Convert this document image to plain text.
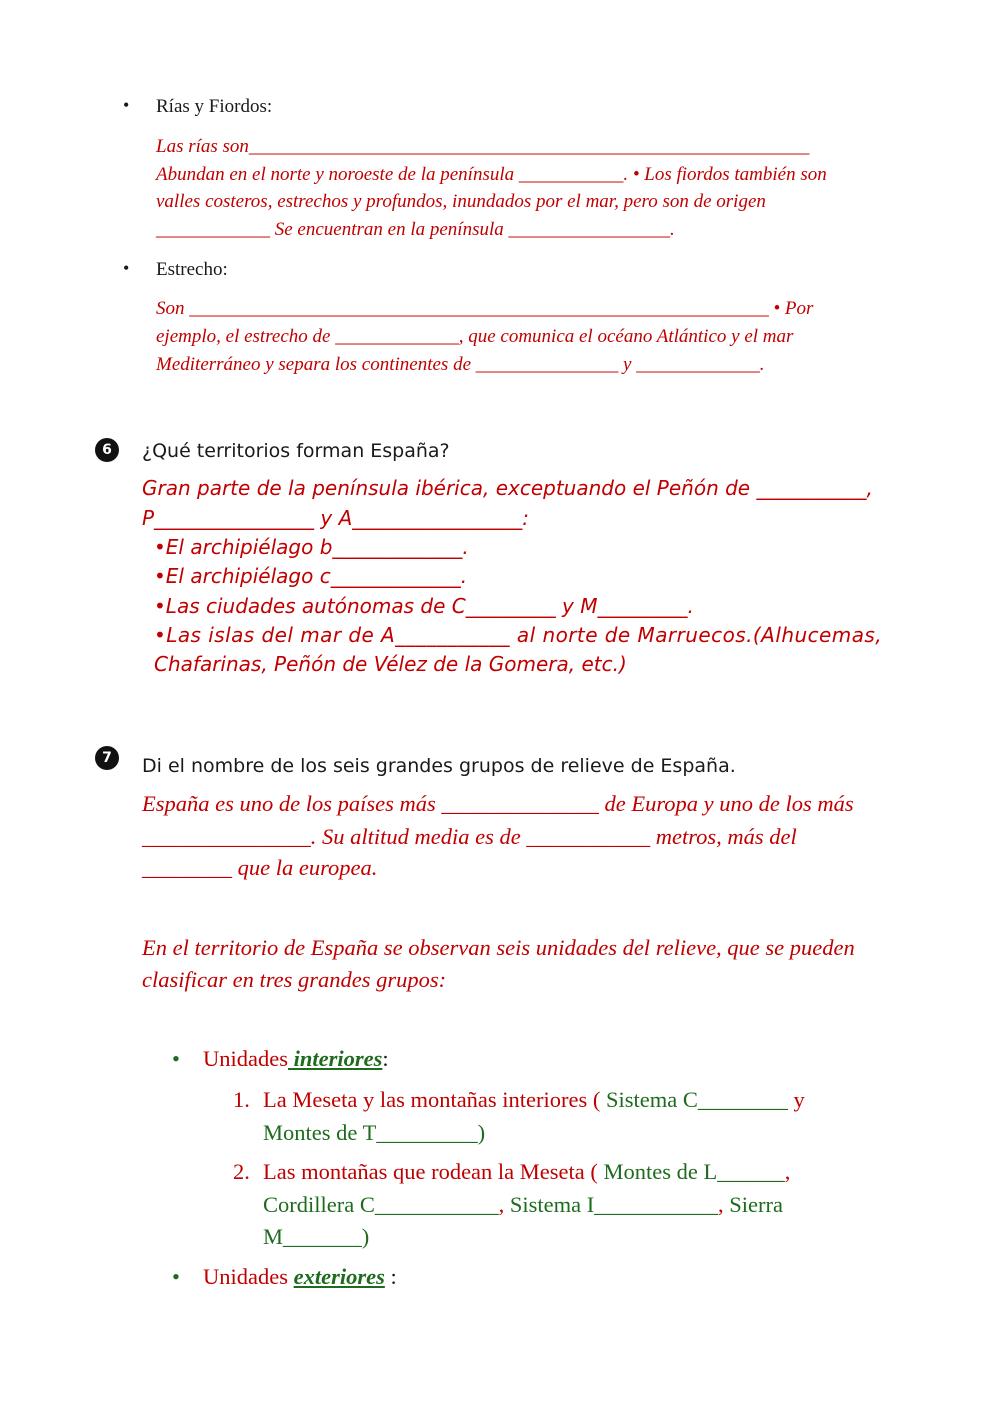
• Rías y Fiordos:
Las rías son___________________________________________________________
Abundan en el norte y noroeste de la península ___________. • Los fiordos también son
valles costeros, estrechos y profundos, inundados por el mar, pero son de origen
____________ Se encuentran en la península _________________.
• Estrecho:
Son _____________________________________________________________ • Por
ejemplo, el estrecho de _____________, que comunica el océano Atlántico y el mar
Mediterráneo y separa los continentes de _______________ y _____________.
6	¿Qué territorios forman España?
Gran parte de la península ibérica, exceptuando el Peñón de ___________,
P________________ y A_________________:
•El archipiélago b_____________.
•El archipiélago c_____________.
•Las ciudades autónomas de C_________ y M_________.
•Las islas del mar de A___________ al norte de Marruecos.(Alhucemas,
Chafarinas, Peñón de Vélez de la Gomera, etc.)
7	Di el nombre de los seis grandes grupos de relieve de España.
España es uno de los países más ______________ de Europa y uno de los más
_______________. Su altitud media es de ___________ metros, más del
________ que la europea.
En el territorio de España se observan seis unidades del relieve, que se pueden
clasificar en tres grandes grupos:
• Unidades interiores:
1. La Meseta y las montañas interiores ( Sistema C________ y
Montes de T_________)
2. Las montañas que rodean la Meseta ( Montes de L______,
Cordillera C___________, Sistema I___________, Sierra
M_______)
• Unidades exteriores :
